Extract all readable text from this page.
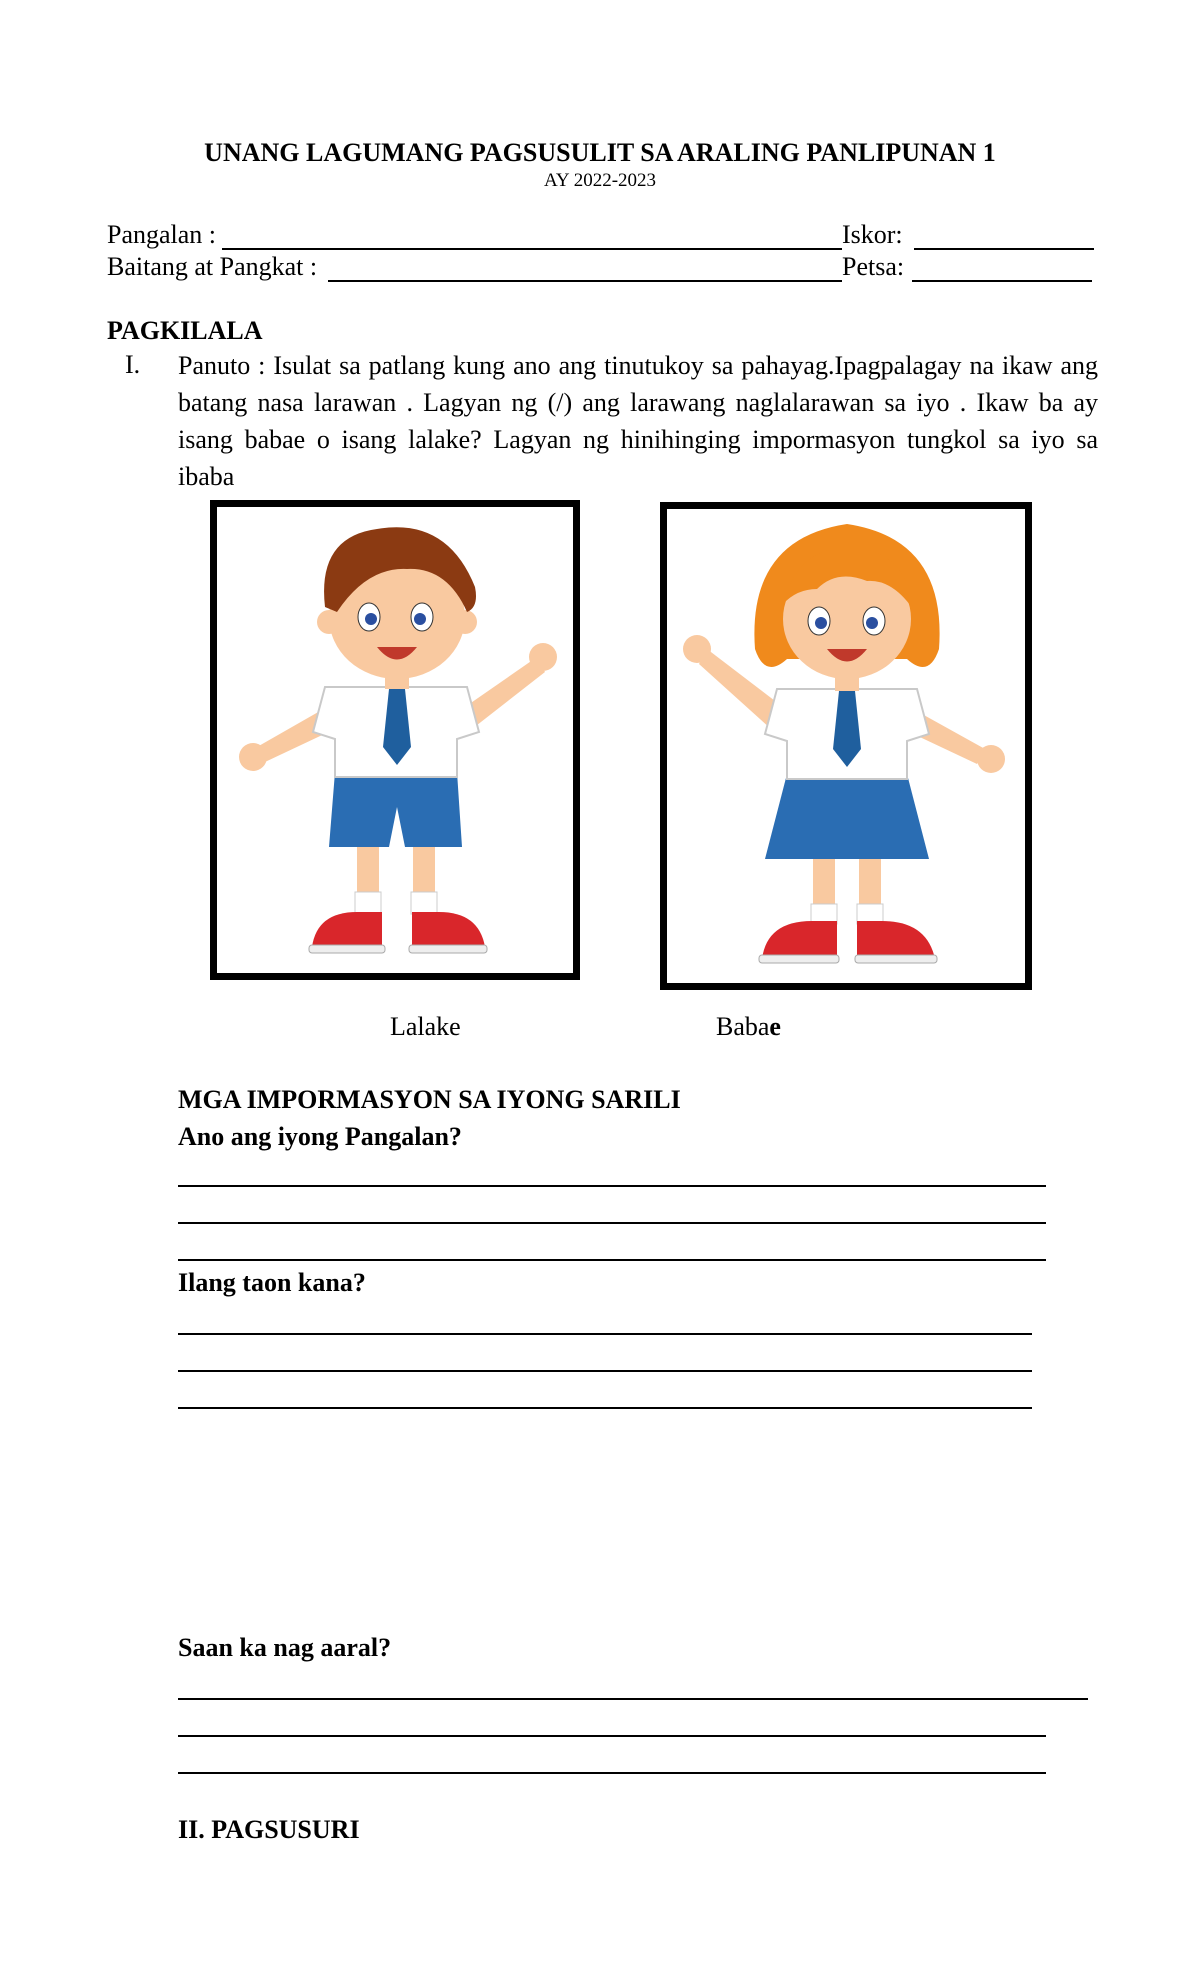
UNANG LAGUMANG PAGSUSULIT SA ARALING PANLIPUNAN 1
AY 2022-2023
Pangalan :	Iskor:
Baitang at Pangkat :	Petsa:
PAGKILALA
I. Panuto : Isulat sa patlang kung ano ang tinutukoy sa pahayag.Ipagpalagay na ikaw ang batang nasa larawan . Lagyan ng (/) ang larawang naglalarawan sa iyo . Ikaw ba ay isang babae o isang lalake? Lagyan ng hinihinging impormasyon tungkol sa iyo sa ibaba
Lalake	Babae
MGA IMPORMASYON SA IYONG SARILI
Ano ang iyong Pangalan?
Ilang taon kana?
Saan ka nag aaral?
II. PAGSUSURI
